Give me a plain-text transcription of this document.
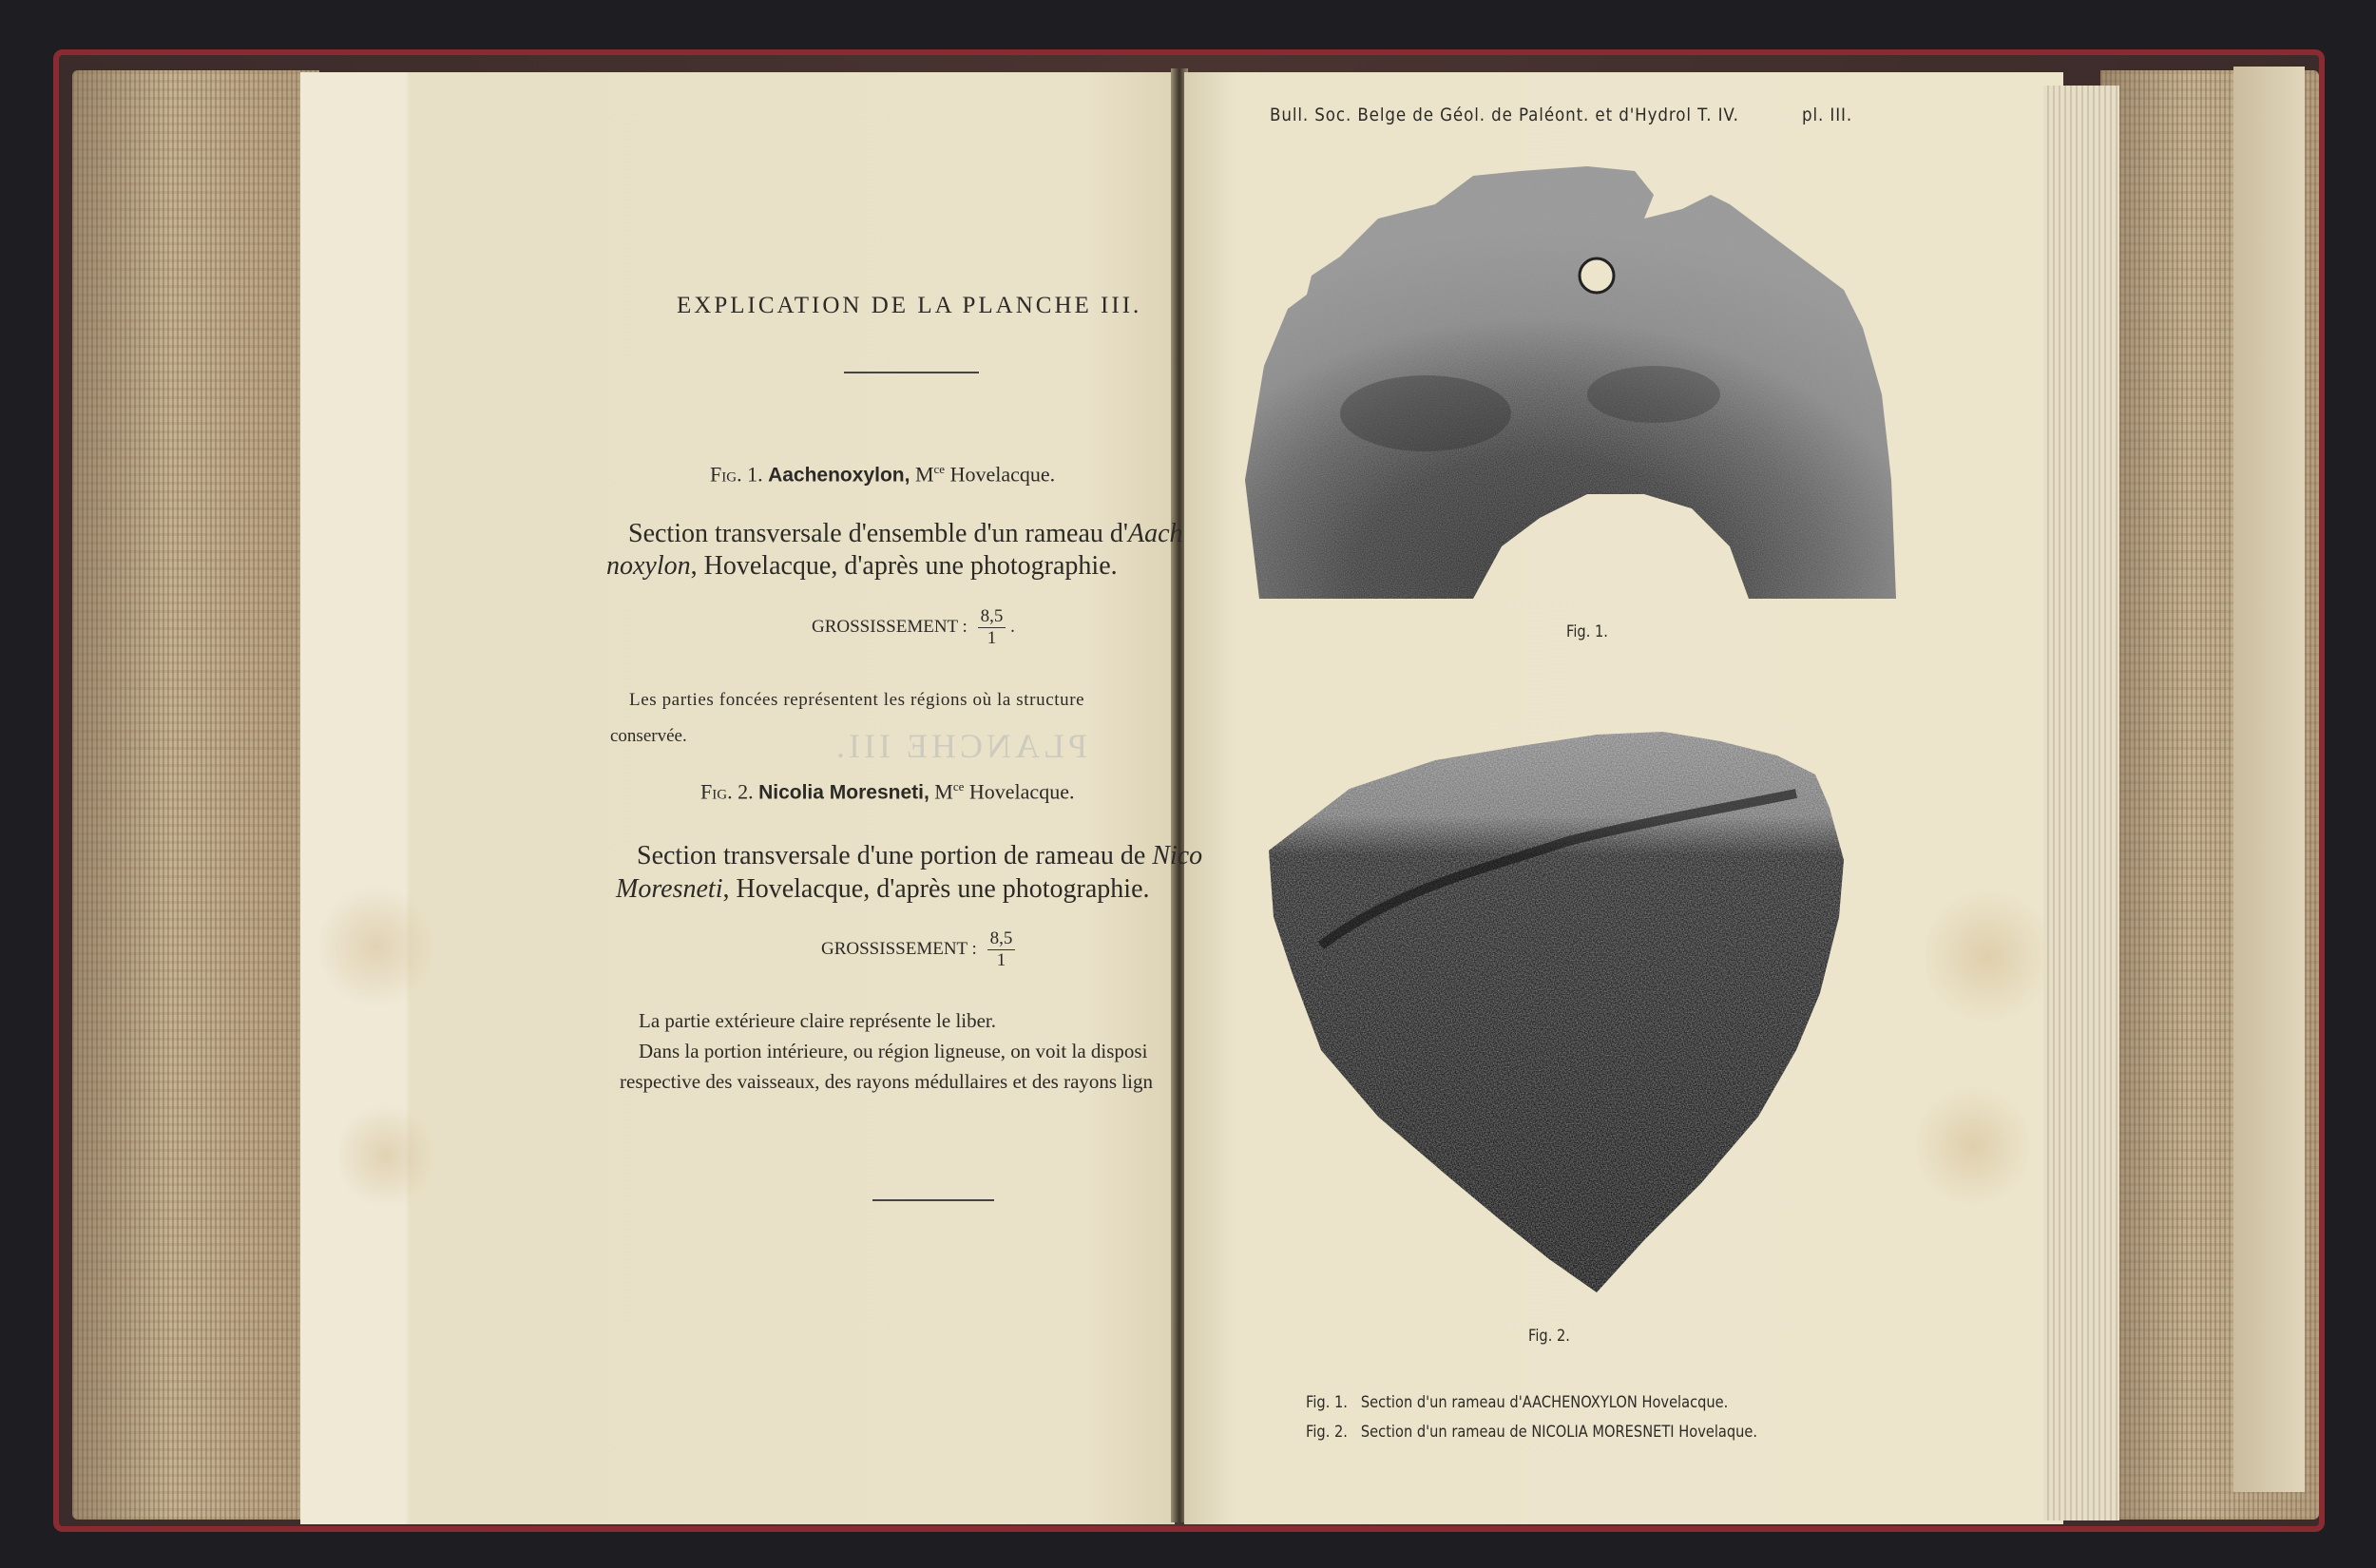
PLANCHE III.
EXPLICATION DE LA PLANCHE III.
Fig. 1. Aachenoxylon, $M^{ce}$ Hovelacque.
Section transversale d'ensemble d'un rameau d'Aach
noxylon, Hovelacque, d'après une photographie.
GROSSISSEMENT : $\frac{8,5}{1}$ .
Les parties foncées représentent les régions où la structure
conservée.
Fig. 2. Nicolia Moresneti, $M^{ce}$ Hovelacque.
Section transversale d'une portion de rameau de Nico
Moresneti, Hovelacque, d'après une photographie.
GROSSISSEMENT : $\frac{8,5}{1}$
La partie extérieure claire représente le liber.
Dans la portion intérieure, ou région ligneuse, on voit la disposi
respective des vaisseaux, des rayons médullaires et des rayons lign
Bull. Soc. Belge de Géol. de Paléont. et d'Hydrol T. IV.	pl. III.
Fig. 1.
Fig. 2.
Fig. 1. Section d'un rameau d'AACHENOXYLON Hovelacque.
Fig. 2. Section d'un rameau de NICOLIA MORESNETI Hovelaque.
